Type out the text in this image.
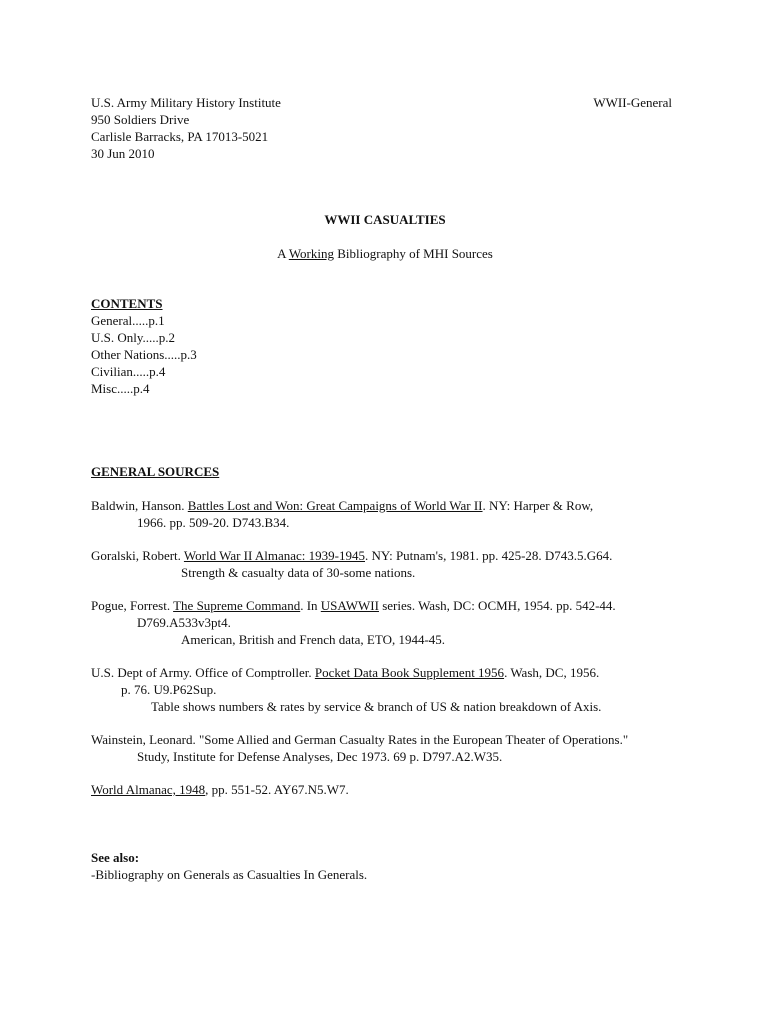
U.S. Army Military History Institute
950 Soldiers Drive
Carlisle Barracks, PA 17013-5021
30 Jun 2010
WWII-General
WWII CASUALTIES
A Working Bibliography of MHI Sources
CONTENTS
General.....p.1
U.S. Only.....p.2
Other Nations.....p.3
Civilian.....p.4
Misc.....p.4
GENERAL SOURCES
Baldwin, Hanson. Battles Lost and Won: Great Campaigns of World War II. NY: Harper & Row,
1966. pp. 509-20. D743.B34.
Goralski, Robert. World War II Almanac: 1939-1945. NY: Putnam's, 1981. pp. 425-28. D743.5.G64.
Strength & casualty data of 30-some nations.
Pogue, Forrest. The Supreme Command. In USAWWII series. Wash, DC: OCMH, 1954. pp. 542-44.
D769.A533v3pt4.
American, British and French data, ETO, 1944-45.
U.S. Dept of Army. Office of Comptroller. Pocket Data Book Supplement 1956. Wash, DC, 1956.
p. 76. U9.P62Sup.
Table shows numbers & rates by service & branch of US & nation breakdown of Axis.
Wainstein, Leonard. "Some Allied and German Casualty Rates in the European Theater of Operations."
Study, Institute for Defense Analyses, Dec 1973. 69 p. D797.A2.W35.
World Almanac, 1948, pp. 551-52. AY67.N5.W7.
See also:
-Bibliography on Generals as Casualties In Generals.
